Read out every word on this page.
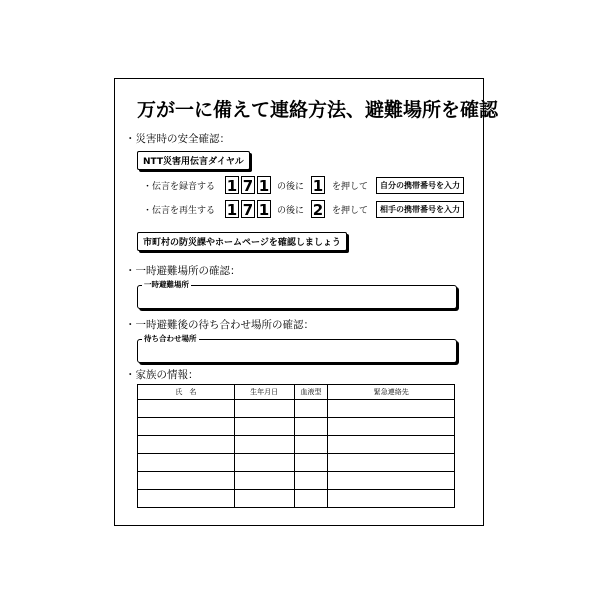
万が一に備えて連絡方法、避難場所を確認
・災害時の安全確認：
NTT災害用伝言ダイヤル
・伝言を録音する 1 7 1 の後に 1 を押して	自分の携帯番号を入力
・伝言を再生する 1 7 1 の後に 2 を押して	相手の携帯番号を入力
市町村の防災課やホームページを確認しましょう
・一時避難場所の確認：
一時避難場所
・一時避難後の待ち合わせ場所の確認：
待ち合わせ場所
・家族の情報：
氏　名	生年月日	血液型	緊急連絡先
